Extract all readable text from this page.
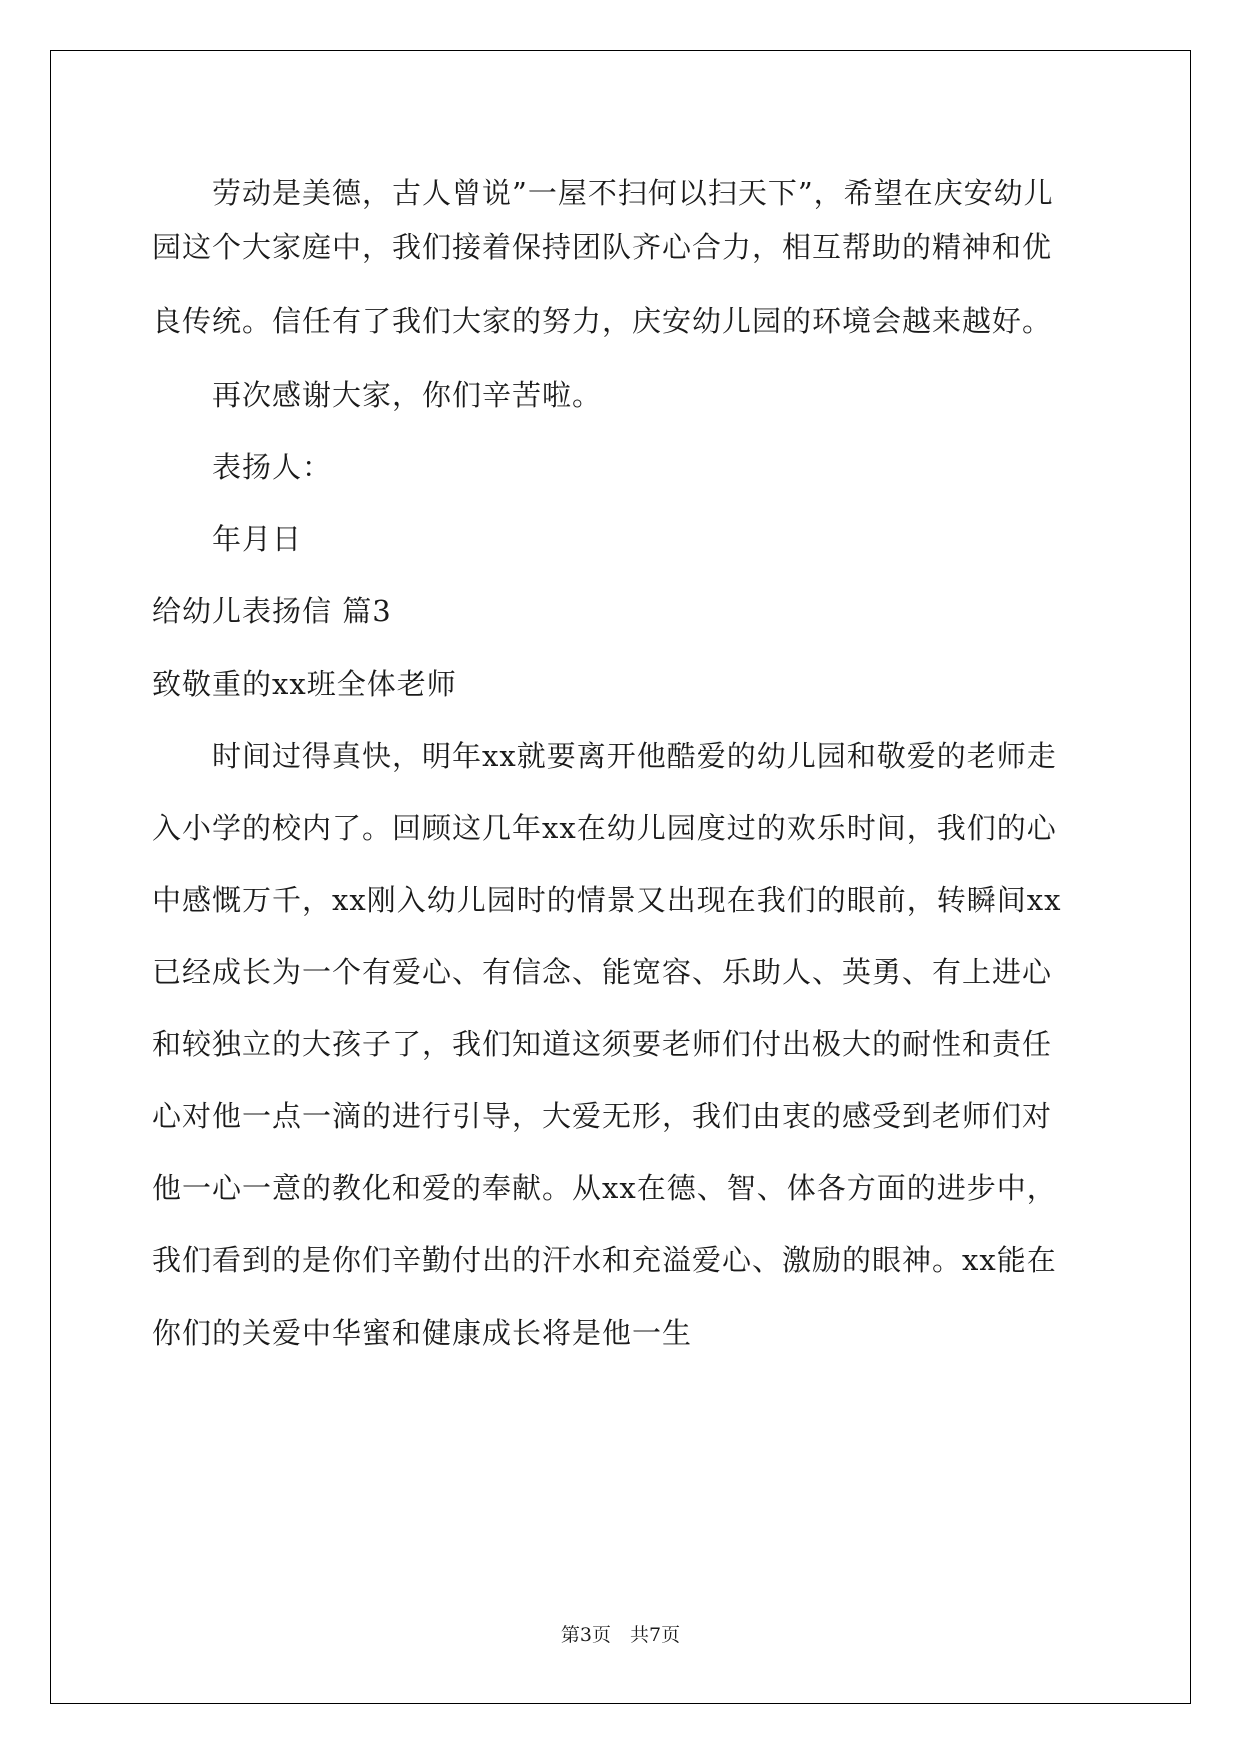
　　劳动是美德，古人曾说”一屋不扫何以扫天下”，希望在庆安幼儿
园这个大家庭中，我们接着保持团队齐心合力，相互帮助的精神和优
良传统。信任有了我们大家的努力，庆安幼儿园的环境会越来越好。
　　再次感谢大家，你们辛苦啦。
　　表扬人：
　　年月日
给幼儿表扬信 篇3
致敬重的xx班全体老师
　　时间过得真快，明年xx就要离开他酷爱的幼儿园和敬爱的老师走
入小学的校内了。回顾这几年xx在幼儿园度过的欢乐时间，我们的心
中感慨万千，xx刚入幼儿园时的情景又出现在我们的眼前，转瞬间xx
已经成长为一个有爱心、有信念、能宽容、乐助人、英勇、有上进心
和较独立的大孩子了，我们知道这须要老师们付出极大的耐性和责任
心对他一点一滴的进行引导，大爱无形，我们由衷的感受到老师们对
他一心一意的教化和爱的奉献。从xx在德、智、体各方面的进步中，
我们看到的是你们辛勤付出的汗水和充溢爱心、激励的眼神。xx能在
你们的关爱中华蜜和健康成长将是他一生
第3页　共7页
